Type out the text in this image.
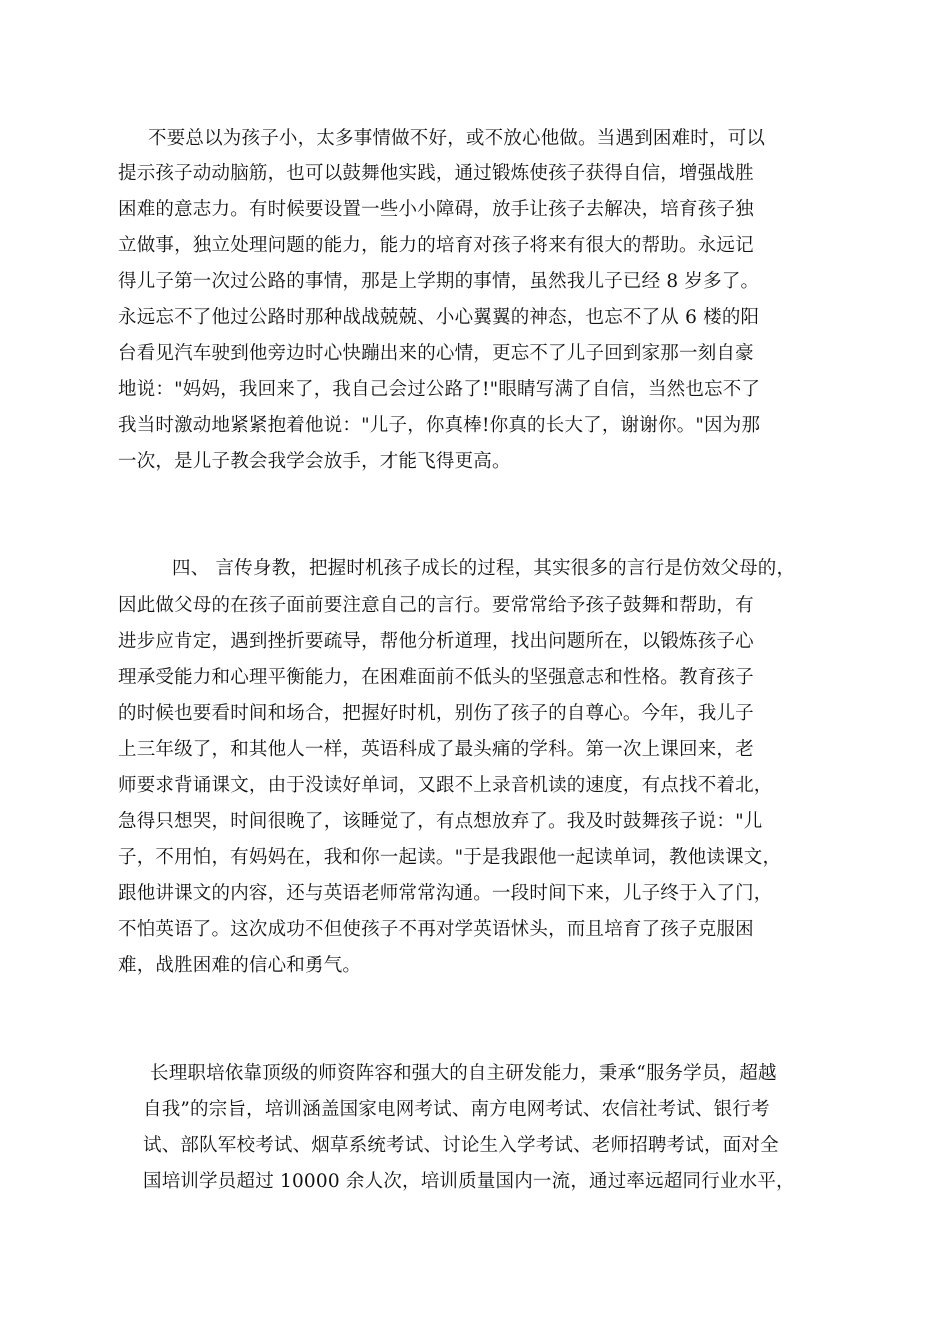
不要总以为孩子小，太多事情做不好，或不放心他做。当遇到困难时，可以
提示孩子动动脑筋，也可以鼓舞他实践，通过锻炼使孩子获得自信，增强战胜
困难的意志力。有时候要设置一些小小障碍，放手让孩子去解决，培育孩子独
立做事，独立处理问题的能力，能力的培育对孩子将来有很大的帮助。永远记
得儿子第一次过公路的事情，那是上学期的事情，虽然我儿子已经 8 岁多了。
永远忘不了他过公路时那种战战兢兢、小心翼翼的神态，也忘不了从 6 楼的阳
台看见汽车驶到他旁边时心快蹦出来的心情，更忘不了儿子回到家那一刻自豪
地说："妈妈，我回来了，我自己会过公路了!"眼睛写满了自信，当然也忘不了
我当时激动地紧紧抱着他说："儿子，你真棒!你真的长大了，谢谢你。"因为那
一次，是儿子教会我学会放手，才能飞得更高。
四、 言传身教，把握时机孩子成长的过程，其实很多的言行是仿效父母的，
因此做父母的在孩子面前要注意自己的言行。要常常给予孩子鼓舞和帮助，有
进步应肯定，遇到挫折要疏导，帮他分析道理，找出问题所在，以锻炼孩子心
理承受能力和心理平衡能力，在困难面前不低头的坚强意志和性格。教育孩子
的时候也要看时间和场合，把握好时机，别伤了孩子的自尊心。今年，我儿子
上三年级了，和其他人一样，英语科成了最头痛的学科。第一次上课回来，老
师要求背诵课文，由于没读好单词，又跟不上录音机读的速度，有点找不着北，
急得只想哭，时间很晚了，该睡觉了，有点想放弃了。我及时鼓舞孩子说："儿
子，不用怕，有妈妈在，我和你一起读。"于是我跟他一起读单词，教他读课文，
跟他讲课文的内容，还与英语老师常常沟通。一段时间下来，儿子终于入了门，
不怕英语了。这次成功不但使孩子不再对学英语怵头，而且培育了孩子克服困
难，战胜困难的信心和勇气。
长理职培依靠顶级的师资阵容和强大的自主研发能力，秉承“服务学员，超越
自我”的宗旨，培训涵盖国家电网考试、南方电网考试、农信社考试、银行考
试、部队军校考试、烟草系统考试、讨论生入学考试、老师招聘考试，面对全
国培训学员超过 10000 余人次，培训质量国内一流，通过率远超同行业水平，
